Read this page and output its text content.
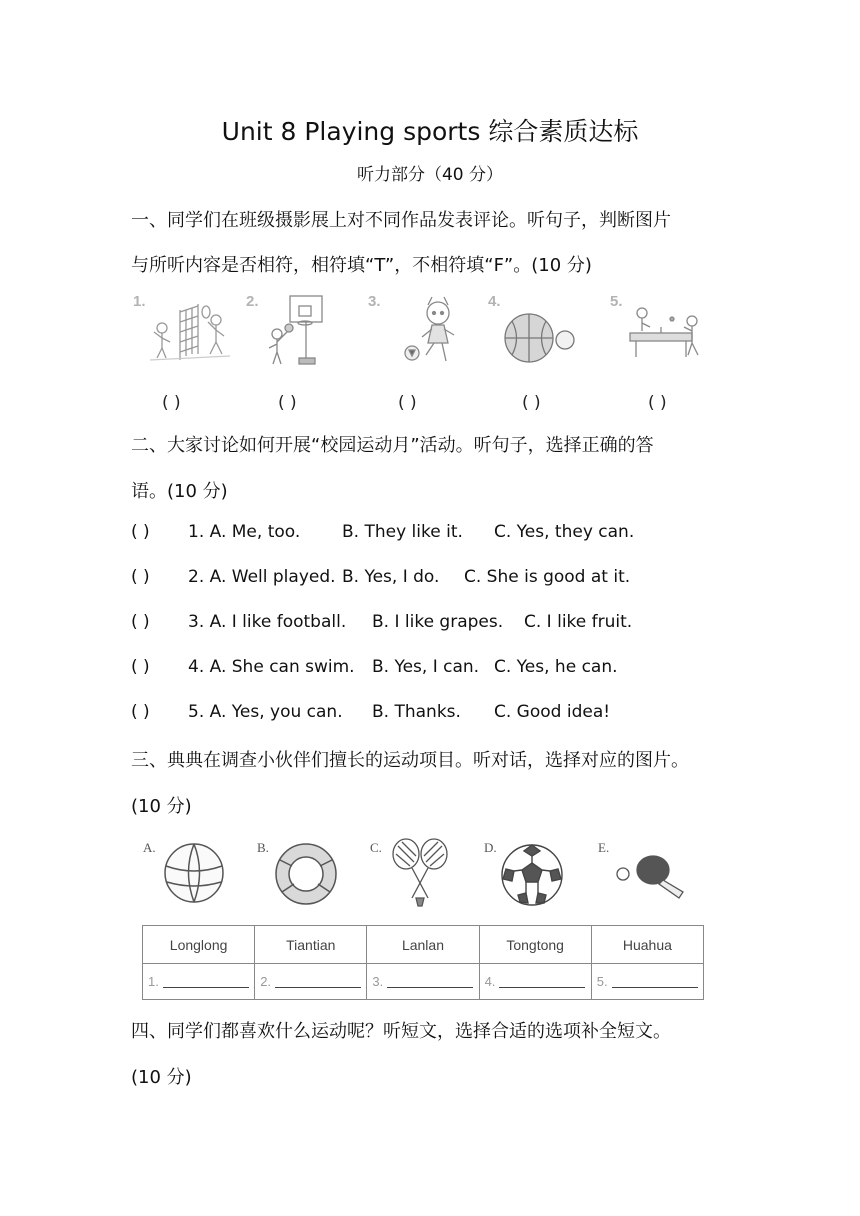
Unit 8 Playing sports 综合素质达标
听力部分（40 分）
一、同学们在班级摄影展上对不同作品发表评论。听句子，判断图片
与所听内容是否相符，相符填“T”，不相符填“F”。(10 分)
1.	2.	3.	4.	5.
( )	( )	( )	( )	( )
二、大家讨论如何开展“校园运动月”活动。听句子，选择正确的答
语。(10 分)
( ) 1. A. Me, too. B. They like it. C. Yes, they can.
( ) 2. A. Well played. B. Yes, I do. C. She is good at it.
( ) 3. A. I like football. B. I like grapes. C. I like fruit.
( ) 4. A. She can swim. B. Yes, I can. C. Yes, he can.
( ) 5. A. Yes, you can. B. Thanks. C. Good idea!
三、典典在调查小伙伴们擅长的运动项目。听对话，选择对应的图片。
(10 分)
A.	B.	C.	D.	E.
Longlong	Tiantian	Lanlan	Tongtong	Huahua
1.	2.	3.	4.	5.
四、同学们都喜欢什么运动呢？听短文，选择合适的选项补全短文。
(10 分)
